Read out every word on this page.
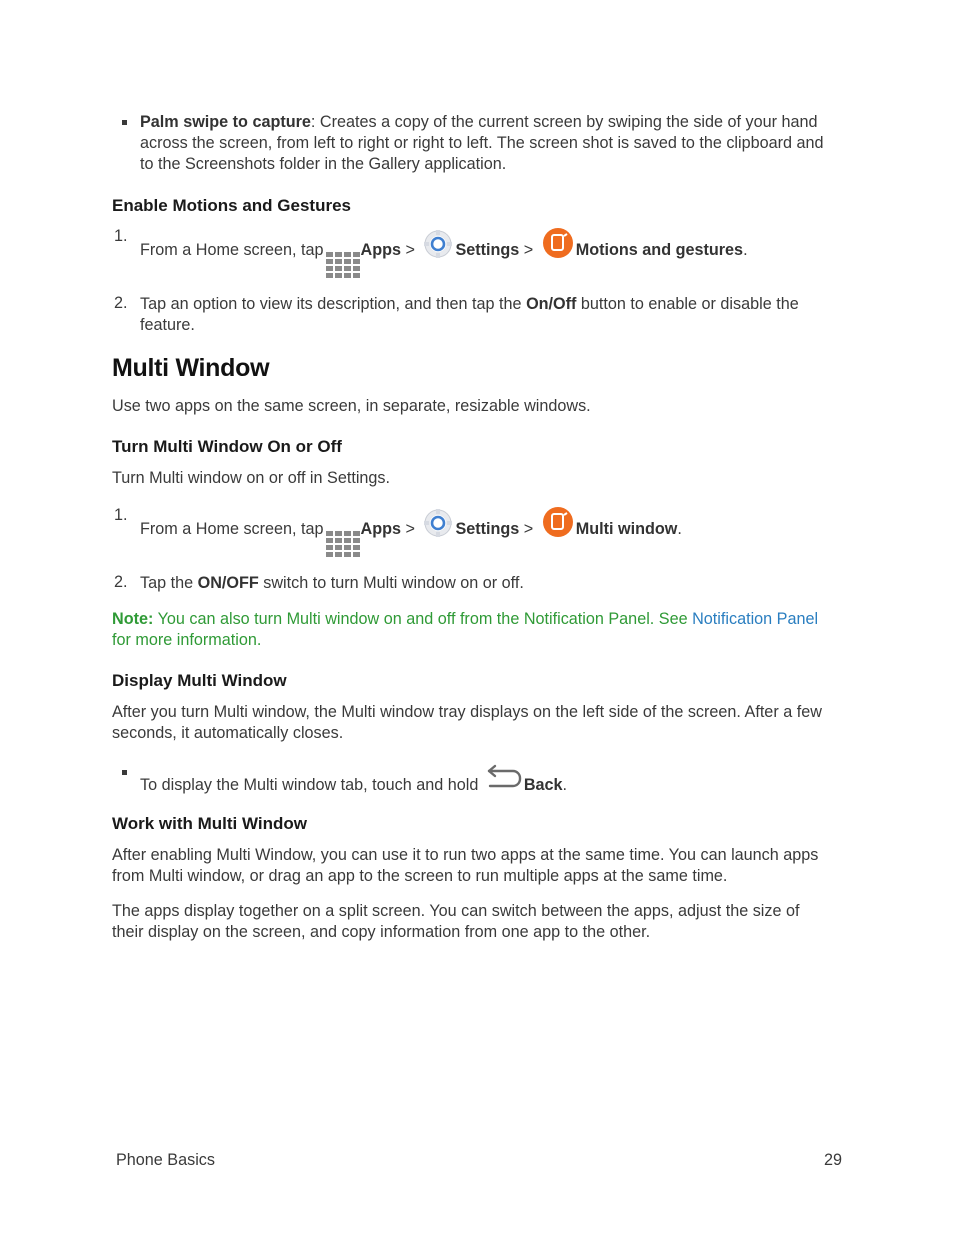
Palm swipe to capture: Creates a copy of the current screen by swiping the side of your hand across the screen, from left to right or right to left. The screen shot is saved to the clipboard and to the Screenshots folder in the Gallery application.

Enable Motions and Gestures
1.

From a Home screen, tap Apps > Settings > Motions and gestures.

2. Tap an option to view its description, and then tap the On/Off button to enable or disable the feature.

Multi Window

Use two apps on the same screen, in separate, resizable windows.

Turn Multi Window On or Off

Turn Multi window on or off in Settings.

1.

From a Home screen, tap Apps > Settings > Multi window.

2. Tap the ON/OFF switch to turn Multi window on or off.

Note: You can also turn Multi window on and off from the Notification Panel. See Notification Panel for more information.

Display Multi Window

After you turn Multi window, the Multi window tray displays on the left side of the screen. After a few seconds, it automatically closes.

To display the Multi window tab, touch and hold	Back.

Work with Multi Window

After enabling Multi Window, you can use it to run two apps at the same time. You can launch apps from Multi window, or drag an app to the screen to run multiple apps at the same time.

The apps display together on a split screen. You can switch between the apps, adjust the size of their display on the screen, and copy information from one app to the other.

Phone Basics	29
